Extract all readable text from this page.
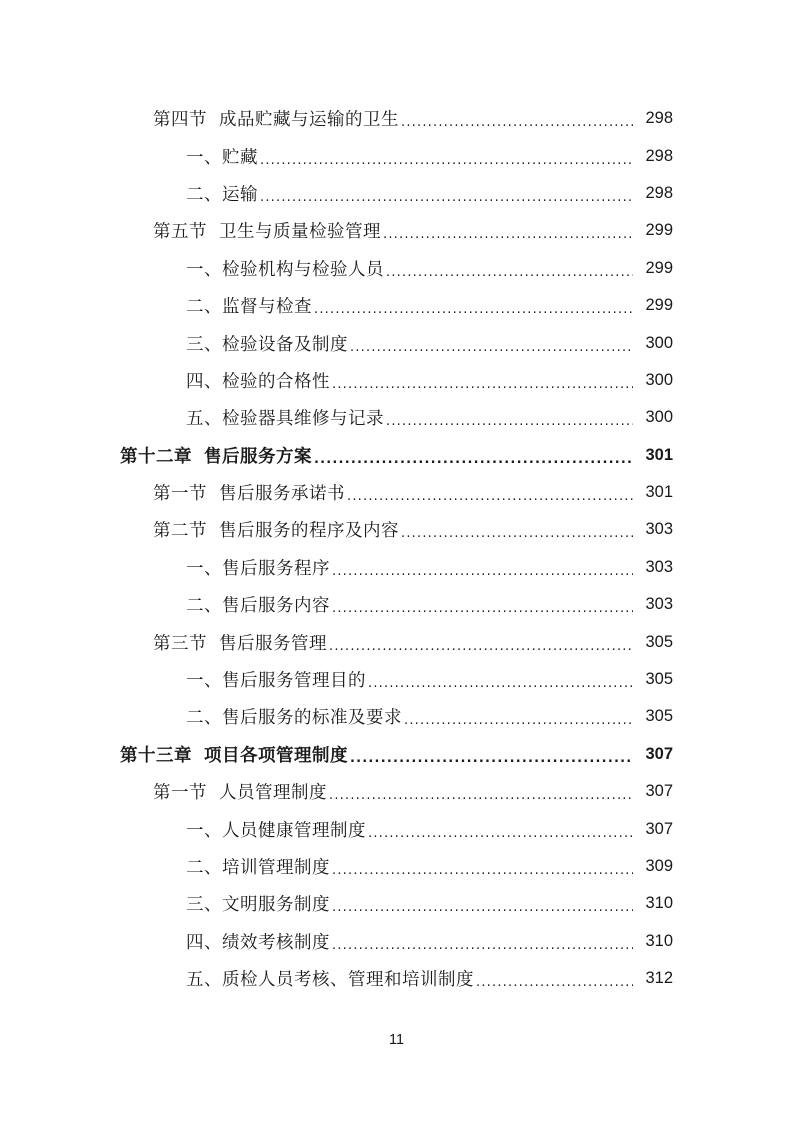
第四节 成品贮藏与运输的卫生 .....	298
一、贮藏 .....	298
二、运输 .....	298
第五节 卫生与质量检验管理 .....	299
一、检验机构与检验人员 .....	299
二、监督与检查 .....	299
三、检验设备及制度 .....	300
四、检验的合格性 .....	300
五、检验器具维修与记录 .....	300
第十二章 售后服务方案 .....	301
第一节 售后服务承诺书 .....	301
第二节 售后服务的程序及内容 .....	303
一、售后服务程序 .....	303
二、售后服务内容 .....	303
第三节 售后服务管理 .....	305
一、售后服务管理目的 .....	305
二、售后服务的标准及要求 .....	305
第十三章 项目各项管理制度 .....	307
第一节 人员管理制度 .....	307
一、人员健康管理制度 .....	307
二、培训管理制度 .....	309
三、文明服务制度 .....	310
四、绩效考核制度 .....	310
五、质检人员考核、管理和培训制度 .....	312
11
